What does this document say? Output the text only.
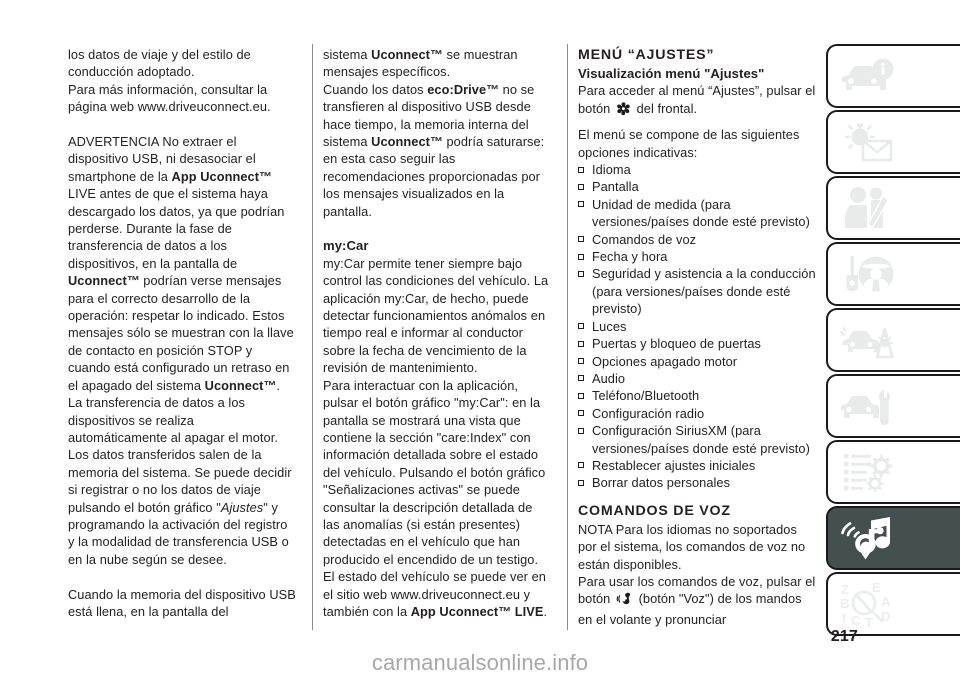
los datos de viaje y del estilo de conducción adoptado.

Para más información, consultar la página web www.driveuconnect.eu.

ADVERTENCIA No extraer el dispositivo USB, ni desasociar el smartphone de la App Uconnect™ LIVE antes de que el sistema haya descargado los datos, ya que podrían perderse. Durante la fase de transferencia de datos a los dispositivos, en la pantalla de Uconnect™ podrían verse mensajes para el correcto desarrollo de la operación: respetar lo indicado. Estos mensajes sólo se muestran con la llave de contacto en posición STOP y cuando está configurado un retraso en el apagado del sistema Uconnect™. La transferencia de datos a los dispositivos se realiza automáticamente al apagar el motor. Los datos transferidos salen de la memoria del sistema. Se puede decidir si registrar o no los datos de viaje pulsando el botón gráfico "Ajustes" y programando la activación del registro y la modalidad de transferencia USB o en la nube según se desee.

Cuando la memoria del dispositivo USB está llena, en la pantalla del

sistema Uconnect™ se muestran mensajes específicos.

Cuando los datos eco:Drive™ no se transfieren al dispositivo USB desde hace tiempo, la memoria interna del sistema Uconnect™ podría saturarse: en esta caso seguir las recomendaciones proporcionadas por los mensajes visualizados en la pantalla.

my:Car

my:Car permite tener siempre bajo control las condiciones del vehículo. La aplicación my:Car, de hecho, puede detectar funcionamientos anómalos en tiempo real e informar al conductor sobre la fecha de vencimiento de la revisión de mantenimiento.

Para interactuar con la aplicación, pulsar el botón gráfico "my:Car": en la pantalla se mostrará una vista que contiene la sección "care:Index" con información detallada sobre el estado del vehículo. Pulsando el botón gráfico "Señalizaciones activas" se puede consultar la descripción detallada de las anomalías (si están presentes) detectadas en el vehículo que han producido el encendido de un testigo. El estado del vehículo se puede ver en el sitio web www.driveuconnect.eu y también con la App Uconnect™ LIVE.

MENÚ “AJUSTES”
Visualización menú "Ajustes"

Para acceder al menú “Ajustes”, pulsar el botón  del frontal.

El menú se compone de las siguientes opciones indicativas:

Idioma
Pantalla
Unidad de medida (para versiones/países donde esté previsto)
Comandos de voz
Fecha y hora
Seguridad y asistencia a la conducción (para versiones/países donde esté previsto)
Luces
Puertas y bloqueo de puertas
Opciones apagado motor
Audio
Teléfono/Bluetooth
Configuración radio
Configuración SiriusXM (para versiones/países donde esté previsto)
Restablecer ajustes iniciales
Borrar datos personales
COMANDOS DE VOZ

NOTA Para los idiomas no soportados por el sistema, los comandos de voz no están disponibles.

Para usar los comandos de voz, pulsar el botón  (botón "Voz") de los mandos en el volante y pronunciar

Z E
B A
I C T D
217
carmanualsonline.info
